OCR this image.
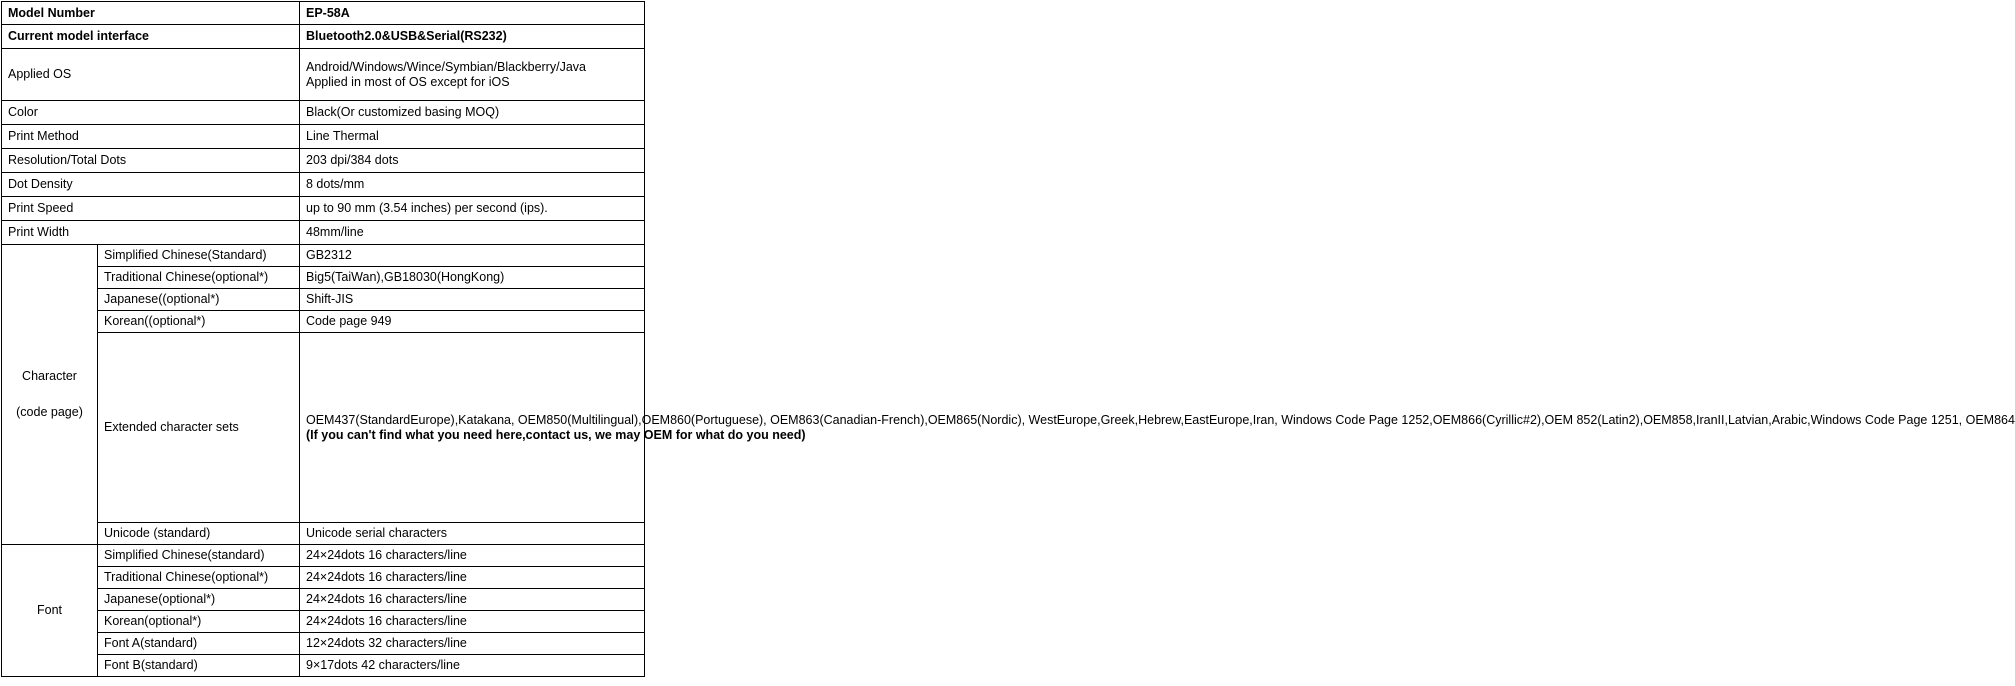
Model Number		EP-58A
Current model interface		Bluetooth2.0&USB&Serial(RS232)
Applied OS		Android/Windows/Wince/Symbian/Blackberry/Java
Applied in most of OS except for iOS

Color		Black(Or customized basing MOQ)
Print Method		Line Thermal
Resolution/Total Dots		203 dpi/384 dots
Dot Density		8 dots/mm
Print Speed		up to 90 mm (3.54 inches) per second (ips).
Print Width		48mm/line

Character
(code page)	Simplified Chinese(Standard)	GB2312
	Traditional Chinese(optional*)	Big5(TaiWan),GB18030(HongKong)
	Japanese((optional*)	Shift-JIS
	Korean((optional*)	Code page 949
	Extended character sets	OEM437(StandardEurope),Katakana, OEM850(Multilingual),OEM860(Portuguese), OEM863(Canadian-French),OEM865(Nordic), WestEurope,Greek,Hebrew,EastEurope,Iran, Windows Code Page 1252,OEM866(Cyrillic#2),OEM 852(Latin2),OEM858,IranII,Latvian,Arabic,Windows Code Page 1251, OEM864
(If you can't find what you need here,contact us, we may OEM for what do you need)

	Unicode (standard)	Unicode serial characters
Font	Simplified Chinese(standard)	24×24dots 16 characters/line
	Traditional Chinese(optional*)	24×24dots 16 characters/line
	Japanese(optional*)	24×24dots 16 characters/line
	Korean(optional*)	24×24dots 16 characters/line
	Font A(standard)	12×24dots 32 characters/line
	Font B(standard)	9×17dots 42 characters/line
